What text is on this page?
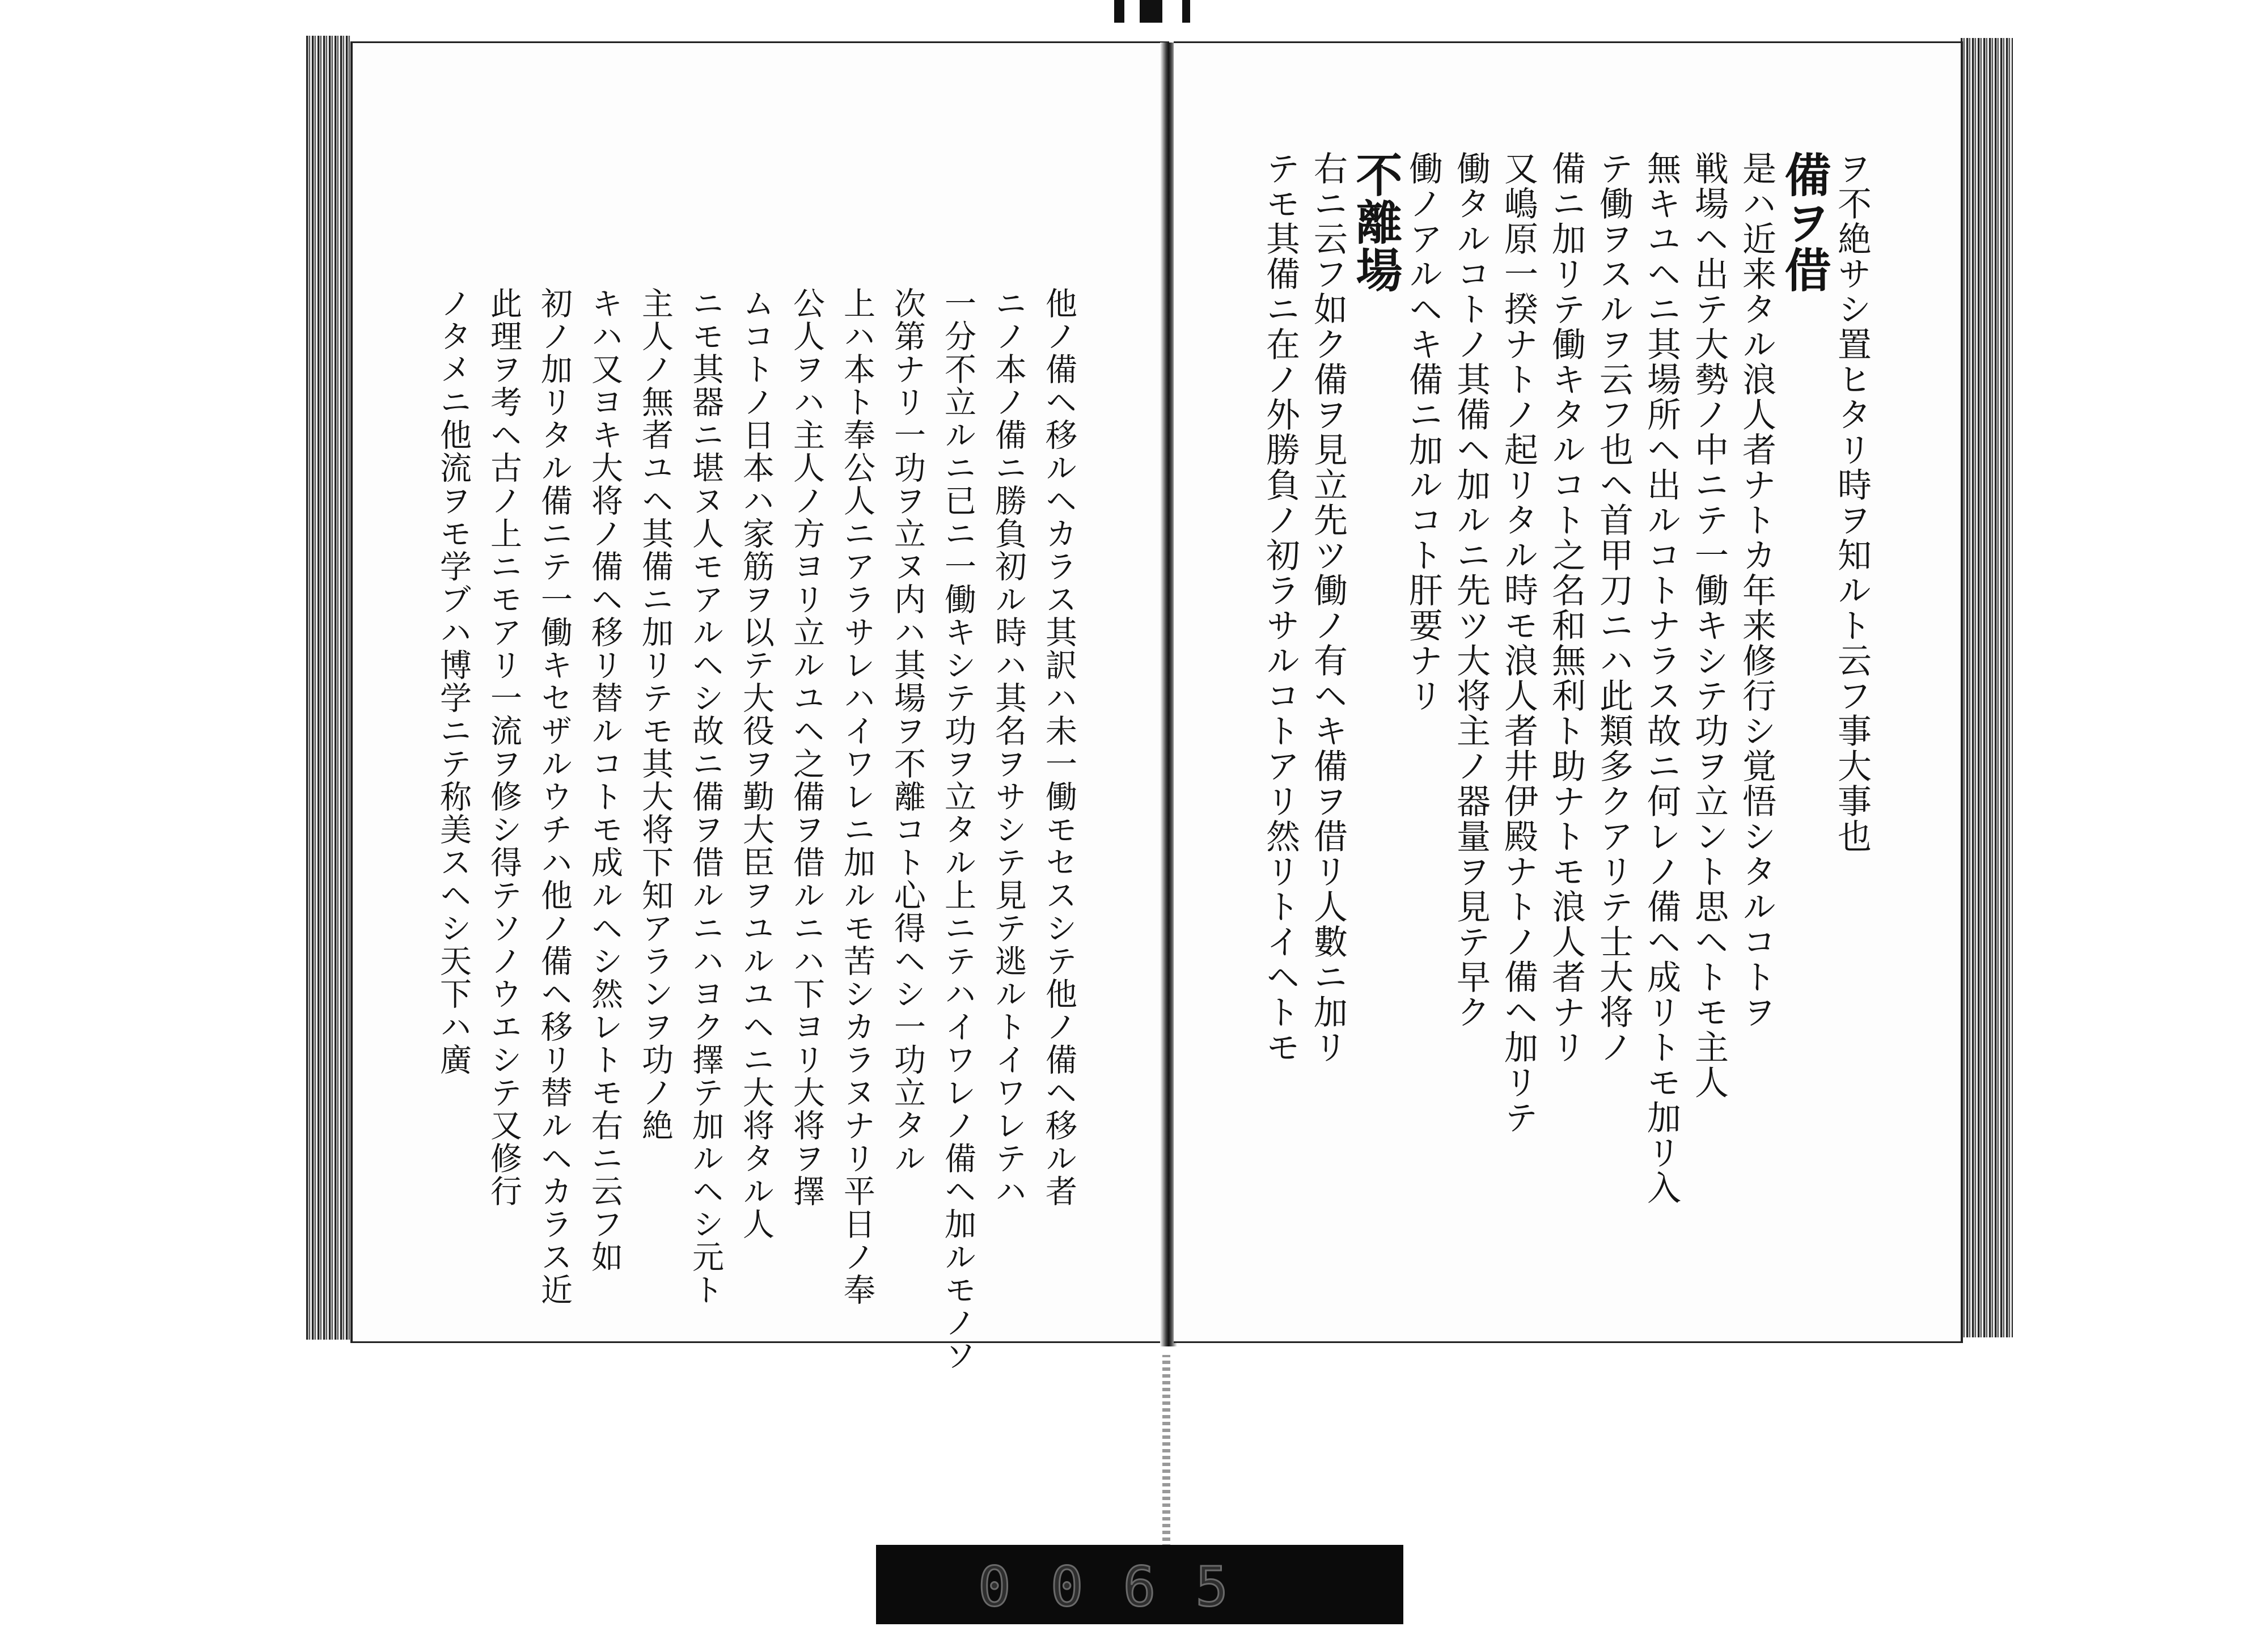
他ノ備ヘ移ルヘカラス其訳ハ未一働モセスシテ他ノ備ヘ移ル者

ニノ本ノ備ニ勝負初ル時ハ其名ヲサシテ見テ逃ルトイワレテハ

一分不立ルニ已ニ一働キシテ功ヲ立タル上ニテハイワレノ備ヘ加ルモノソ

次第ナリ一功ヲ立ヌ内ハ其場ヲ不離コト心得ヘシ一功立タル

上ハ本ト奉公人ニアラサレハイワレニ加ルモ苦シカラヌナリ平日ノ奉

公人ヲハ主人ノ方ヨリ立ルユヘ之備ヲ借ルニハ下ヨリ大将ヲ擇

ムコトノ日本ハ家筋ヲ以テ大役ヲ勤大臣ヲユルユヘニ大将タル人

ニモ其器ニ堪ヌ人モアルヘシ故ニ備ヲ借ルニハヨク擇テ加ルヘシ元ト

主人ノ無者ユヘ其備ニ加リテモ其大将下知アランヲ功ノ絶

キハ又ヨキ大将ノ備ヘ移リ替ルコトモ成ルヘシ然レトモ右ニ云フ如

初ノ加リタル備ニテ一働キセザルウチハ他ノ備ヘ移リ替ルヘカラス近

此理ヲ考ヘ古ノ上ニモアリ一流ヲ修シ得テソノウエシテ又修行

ノタメニ他流ヲモ学ブハ博学ニテ称美スヘシ天下ハ廣	ヲ不絶サシ置ヒタリ時ヲ知ルト云フ事大事也

備ヲ借

是ハ近来タル浪人者ナトカ年来修行シ覚悟シタルコトヲ

戦場ヘ出テ大勢ノ中ニテ一働キシテ功ヲ立ント思ヘトモ主人

無キユヘニ其場所ヘ出ルコトナラス故ニ何レノ備ヘ成リトモ加リ入

テ働ヲスルヲ云フ也ヘ首甲刀ニハ此類多クアリテ士大将ノ

備ニ加リテ働キタルコト之名和無利ト助ナトモ浪人者ナリ

又嶋原一揆ナトノ起リタル時モ浪人者井伊殿ナトノ備ヘ加リテ

働タルコトノ其備ヘ加ルニ先ツ大将主ノ器量ヲ見テ早ク

働ノアルヘキ備ニ加ルコト肝要ナリ

不離場

右ニ云フ如ク備ヲ見立先ツ働ノ有ヘキ備ヲ借リ人數ニ加リ

テモ其備ニ在ノ外勝負ノ初ラサルコトアリ然リトイヘトモ

0065
